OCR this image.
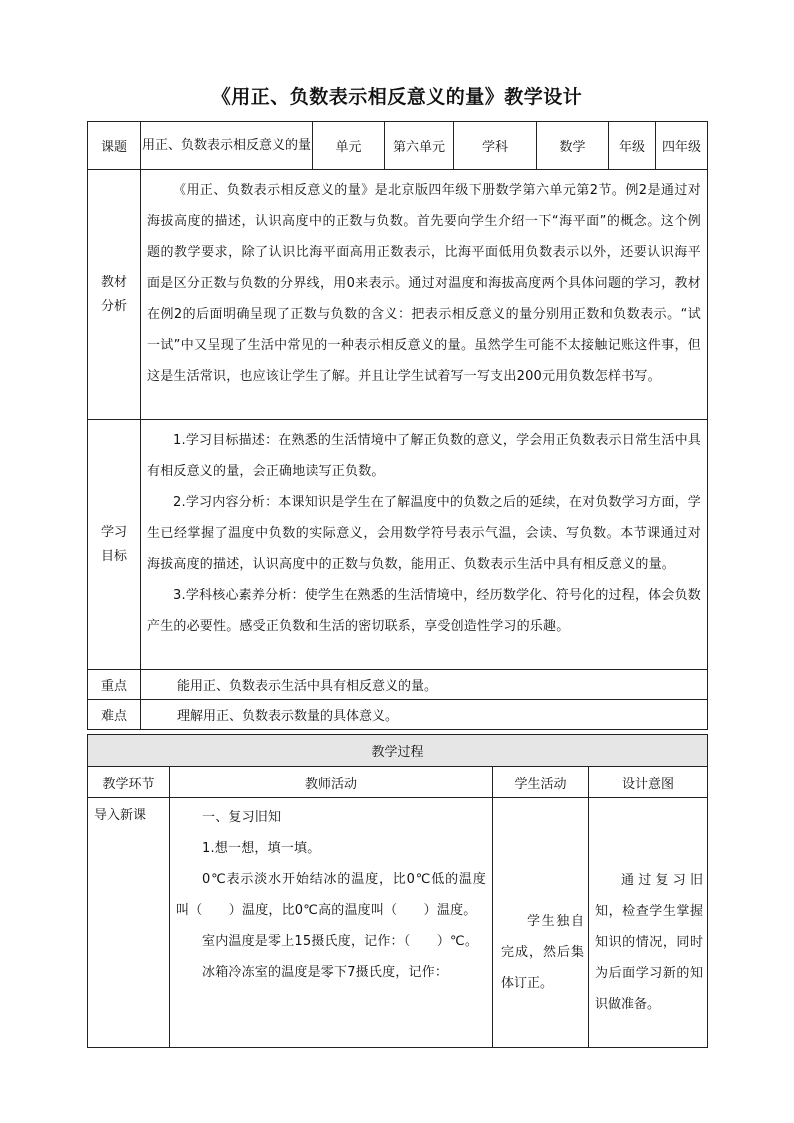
《用正、负数表示相反意义的量》教学设计
课题	用正、负数表示相反意义的量	单元	第六单元	学科	数学	年级	四年级
教材分析	《用正、负数表示相反意义的量》是北京版四年级下册数学第六单元第2节。例2是通过对海拔高度的描述，认识高度中的正数与负数。首先要向学生介绍一下“海平面”的概念。这个例题的教学要求，除了认识比海平面高用正数表示，比海平面低用负数表示以外，还要认识海平面是区分正数与负数的分界线，用0来表示。通过对温度和海拔高度两个具体问题的学习，教材在例2的后面明确呈现了正数与负数的含义：把表示相反意义的量分别用正数和负数表示。“试一试”中又呈现了生活中常见的一种表示相反意义的量。虽然学生可能不太接触记账这件事，但这是生活常识，也应该让学生了解。并且让学生试着写一写支出200元用负数怎样书写。						

学习目标	1.学习目标描述：在熟悉的生活情境中了解正负数的意义，学会用正负数表示日常生活中具有相反意义的量，会正确地读写正负数。

2.学习内容分析：本课知识是学生在了解温度中的负数之后的延续，在对负数学习方面，学生已经掌握了温度中负数的实际意义，会用数学符号表示气温，会读、写负数。本节课通过对海拔高度的描述，认识高度中的正数与负数，能用正、负数表示生活中具有相反意义的量。

3.学科核心素养分析：使学生在熟悉的生活情境中，经历数学化、符号化的过程，体会负数产生的必要性。感受正负数和生活的密切联系，享受创造性学习的乐趣。						

重点	能用正、负数表示生活中具有相反意义的量。						
难点	理解用正、负数表示数量的具体意义。						
教学过程			
教学环节	教师活动	学生活动	设计意图
导入新课	一、复习旧知

1.想一想，填一填。

0℃表示淡水开始结冰的温度，比0℃低的温度叫（　　）温度，比0℃高的温度叫（　　）温度。

室内温度是零上15摄氏度，记作：（　　）℃。

冰箱冷冻室的温度是零下7摄氏度，记作：	学生独自完成，然后集体订正。	通过复习旧知，检查学生掌握知识的情况，同时为后面学习新的知识做准备。
